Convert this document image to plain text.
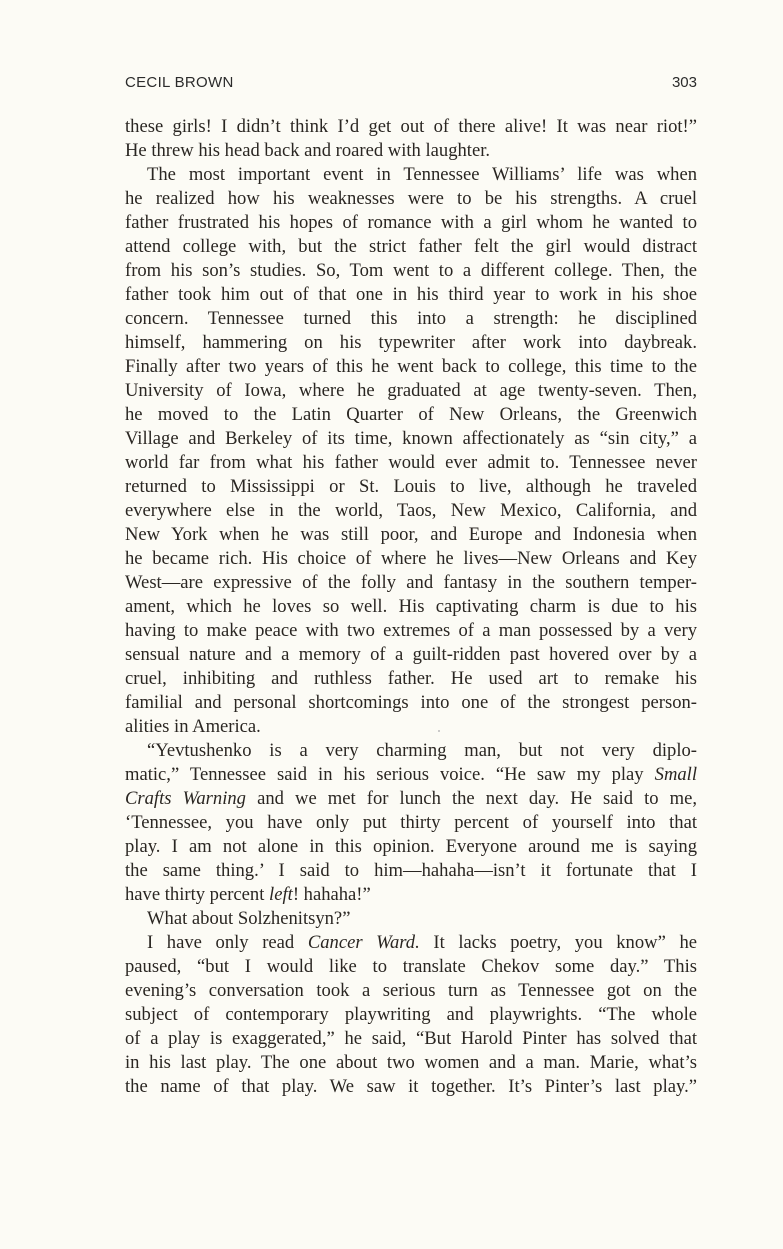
CECIL BROWN	303
these girls! I didn’t think I’d get out of there alive! It was near riot!”
He threw his head back and roared with laughter.
The most important event in Tennessee Williams’ life was when
he realized how his weaknesses were to be his strengths. A cruel
father frustrated his hopes of romance with a girl whom he wanted to
attend college with, but the strict father felt the girl would distract
from his son’s studies. So, Tom went to a different college. Then, the
father took him out of that one in his third year to work in his shoe
concern. Tennessee turned this into a strength: he disciplined
himself, hammering on his typewriter after work into daybreak.
Finally after two years of this he went back to college, this time to the
University of Iowa, where he graduated at age twenty-seven. Then,
he moved to the Latin Quarter of New Orleans, the Greenwich
Village and Berkeley of its time, known affectionately as “sin city,” a
world far from what his father would ever admit to. Tennessee never
returned to Mississippi or St. Louis to live, although he traveled
everywhere else in the world, Taos, New Mexico, California, and
New York when he was still poor, and Europe and Indonesia when
he became rich. His choice of where he lives—New Orleans and Key
West—are expressive of the folly and fantasy in the southern temper-
ament, which he loves so well. His captivating charm is due to his
having to make peace with two extremes of a man possessed by a very
sensual nature and a memory of a guilt-ridden past hovered over by a
cruel, inhibiting and ruthless father. He used art to remake his
familial and personal shortcomings into one of the strongest person-
alities in America.
“Yevtushenko is a very charming man, but not very diplo-
matic,” Tennessee said in his serious voice. “He saw my play Small
Crafts Warning and we met for lunch the next day. He said to me,
‘Tennessee, you have only put thirty percent of yourself into that
play. I am not alone in this opinion. Everyone around me is saying
the same thing.’ I said to him—hahaha—isn’t it fortunate that I
have thirty percent left! hahaha!”
What about Solzhenitsyn?”
I have only read Cancer Ward. It lacks poetry, you know” he
paused, “but I would like to translate Chekov some day.” This
evening’s conversation took a serious turn as Tennessee got on the
subject of contemporary playwriting and playwrights. “The whole
of a play is exaggerated,” he said, “But Harold Pinter has solved that
in his last play. The one about two women and a man. Marie, what’s
the name of that play. We saw it together. It’s Pinter’s last play.”
